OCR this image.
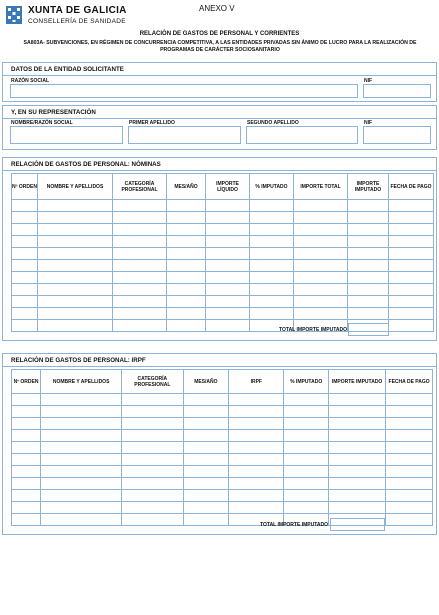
XUNTA DE GALICIA
CONSELLERÍA DE SANIDADE
ANEXO V
RELACIÓN DE GASTOS DE PERSONAL Y CORRIENTES
SA803A- SUBVENCIONES, EN RÉGIMEN DE CONCURRENCIA COMPETITIVA, A LAS ENTIDADES PRIVADAS SIN ÁNIMO DE LUCRO PARA LA REALIZACIÓN DE PROGRAMAS DE CARÁCTER SOCIOSANITARIO
DATOS DE LA ENTIDAD SOLICITANTE
RAZÓN SOCIAL	NIF
Y, EN SU REPRESENTACIÓN
NOMBRE/RAZÓN SOCIAL	PRIMER APELLIDO	SEGUNDO APELLIDO	NIF
RELACIÓN DE GASTOS DE PERSONAL: NÓMINAS
Nº ORDEN	NOMBRE Y APELLIDOS	CATEGORÍA PROFESIONAL	MES/AÑO	IMPORTE LÍQUIDO	% IMPUTADO	IMPORTE TOTAL	IMPORTE IMPUTADO	FECHA DE PAGO

TOTAL IMPORTE IMPUTADO
RELACIÓN DE GASTOS DE PERSONAL: IRPF
Nº ORDEN	NOMBRE Y APELLIDOS	CATEGORÍA PROFESIONAL	MES/AÑO	IRPF	% IMPUTADO	IMPORTE IMPUTADO	FECHA DE PAGO

TOTAL IMPORTE IMPUTADO
